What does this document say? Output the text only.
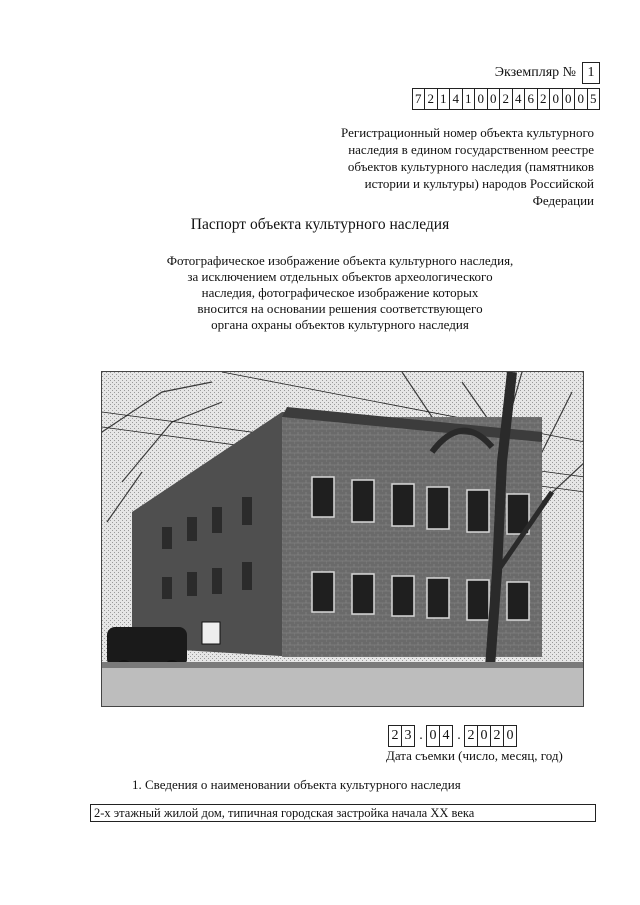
Экземпляр № 1
7 2 1 4 1 0 0 2 4 6 2 0 0 0 5
Регистрационный номер объекта культурного
наследия в едином государственном реестре
объектов культурного наследия (памятников
истории и культуры) народов Российской Федерации
Паспорт объекта культурного наследия
Фотографическое изображение объекта культурного наследия,
за исключением отдельных объектов археологического
наследия, фотографическое изображение которых
вносится на основании решения соответствующего
органа охраны объектов культурного наследия
2 3 . 0 4 . 2 0 2 0
Дата съемки (число, месяц, год)
1. Сведения о наименовании объекта культурного наследия
2-х этажный жилой дом, типичная городская застройка начала XX века
